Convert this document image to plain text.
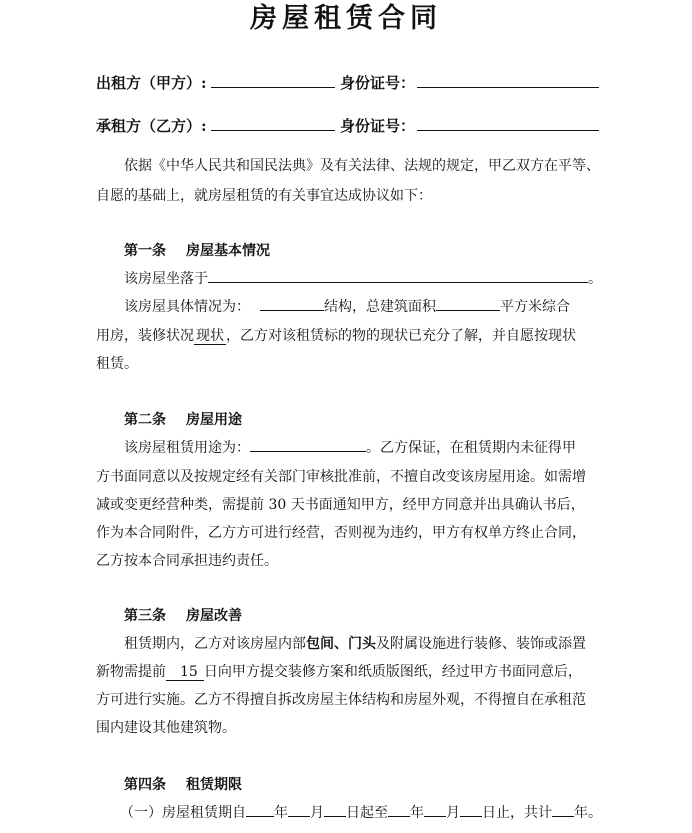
房屋租赁合同
出租方（甲方）:	身份证号：
承租方（乙方）:	身份证号：
依据《中华人民共和国民法典》及有关法律、法规的规定，甲乙双方在平等、
自愿的基础上，就房屋租赁的有关事宜达成协议如下：
第一条 房屋基本情况
该房屋坐落于	。
该房屋具体情况为：	结构，总建筑面积	平方米综合
用房，装修状况 现状 ，乙方对该租赁标的物的现状已充分了解，并自愿按现状
租赁。
第二条 房屋用途
该房屋租赁用途为：	。乙方保证，在租赁期内未征得甲
方书面同意以及按规定经有关部门审核批准前，不擅自改变该房屋用途。如需增
减或变更经营种类，需提前 30 天书面通知甲方，经甲方同意并出具确认书后，
作为本合同附件，乙方方可进行经营，否则视为违约，甲方有权单方终止合同，
乙方按本合同承担违约责任。
第三条 房屋改善
租赁期内，乙方对该房屋内部包间、门头及附属设施进行装修、装饰或添置
新物需提前 15 日向甲方提交装修方案和纸质版图纸，经过甲方书面同意后，
方可进行实施。乙方不得擅自拆改房屋主体结构和房屋外观，不得擅自在承租范
围内建设其他建筑物。
第四条 租赁期限
（一）房屋租赁期自 年 月 日起至 年 月 日止，共计 年。
